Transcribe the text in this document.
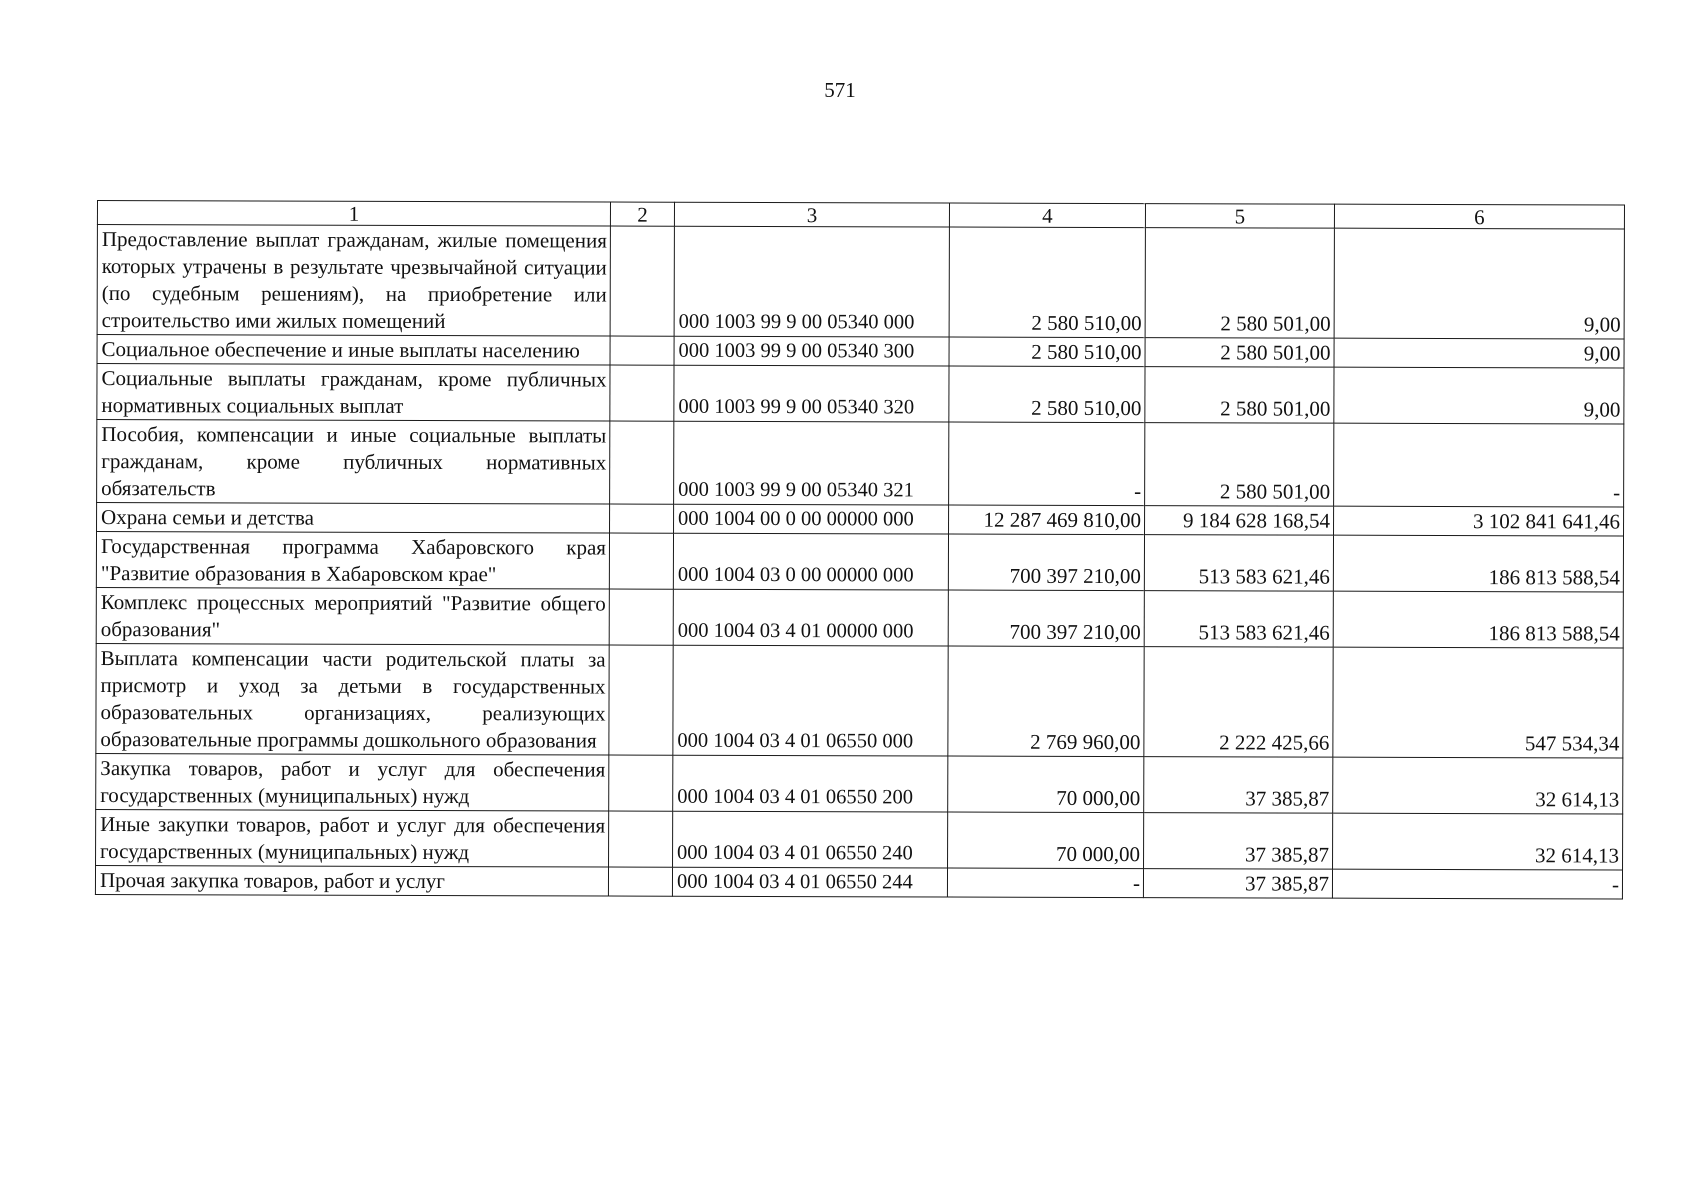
571
1	2	3	4	5	6
Предоставление выплат гражданам, жилые помещения которых утрачены в результате чрезвычайной ситуации (по судебным решениям), на приобретение или строительство ими жилых помещений		000 1003 99 9 00 05340 000	2 580 510,00	2 580 501,00	9,00
Социальное обеспечение и иные выплаты населению		000 1003 99 9 00 05340 300	2 580 510,00	2 580 501,00	9,00
Социальные выплаты гражданам, кроме публичных нормативных социальных выплат		000 1003 99 9 00 05340 320	2 580 510,00	2 580 501,00	9,00
Пособия, компенсации и иные социальные выплаты гражданам, кроме публичных нормативных обязательств		000 1003 99 9 00 05340 321	-	2 580 501,00	-
Охрана семьи и детства		000 1004 00 0 00 00000 000	12 287 469 810,00	9 184 628 168,54	3 102 841 641,46
Государственная программа Хабаровского края "Развитие образования в Хабаровском крае"		000 1004 03 0 00 00000 000	700 397 210,00	513 583 621,46	186 813 588,54
Комплекс процессных мероприятий "Развитие общего образования"		000 1004 03 4 01 00000 000	700 397 210,00	513 583 621,46	186 813 588,54
Выплата компенсации части родительской платы за присмотр и уход за детьми в государственных образовательных организациях, реализующих образовательные программы дошкольного образования		000 1004 03 4 01 06550 000	2 769 960,00	2 222 425,66	547 534,34
Закупка товаров, работ и услуг для обеспечения государственных (муниципальных) нужд		000 1004 03 4 01 06550 200	70 000,00	37 385,87	32 614,13
Иные закупки товаров, работ и услуг для обеспечения государственных (муниципальных) нужд		000 1004 03 4 01 06550 240	70 000,00	37 385,87	32 614,13
Прочая закупка товаров, работ и услуг		000 1004 03 4 01 06550 244	-	37 385,87	-
